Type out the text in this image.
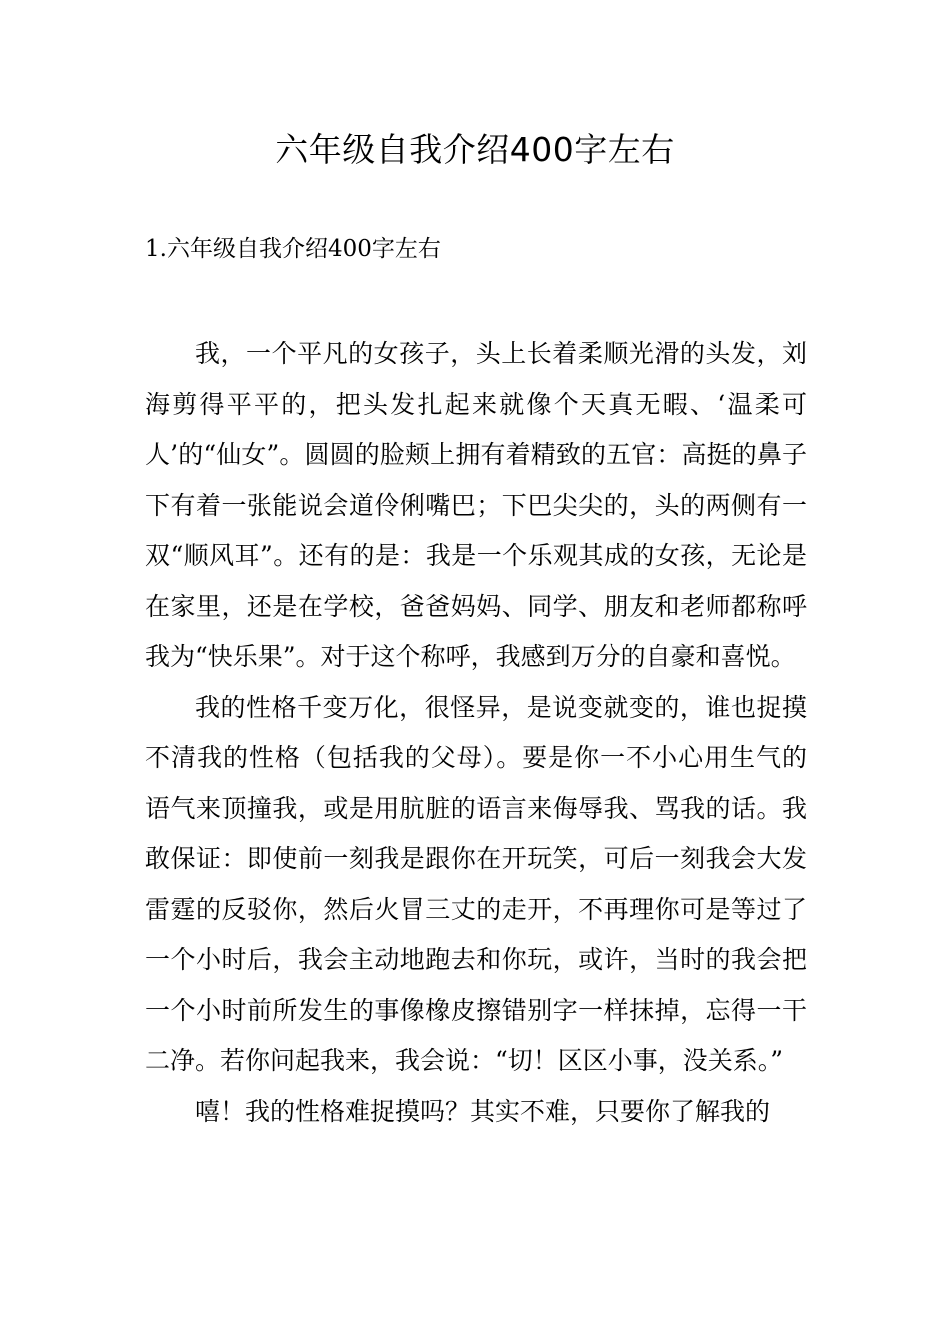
六年级自我介绍400字左右
1.六年级自我介绍400字左右

我，一个平凡的女孩子，头上长着柔顺光滑的头发，刘海剪得平平的，把头发扎起来就像个天真无暇、‘温柔可人’的“仙女”。圆圆的脸颊上拥有着精致的五官：高挺的鼻子下有着一张能说会道伶俐嘴巴；下巴尖尖的，头的两侧有一双“顺风耳”。还有的是：我是一个乐观其成的女孩，无论是在家里，还是在学校，爸爸妈妈、同学、朋友和老师都称呼我为“快乐果”。对于这个称呼，我感到万分的自豪和喜悦。

我的性格千变万化，很怪异，是说变就变的，谁也捉摸不清我的性格（包括我的父母）。要是你一不小心用生气的语气来顶撞我，或是用肮脏的语言来侮辱我、骂我的话。我敢保证：即使前一刻我是跟你在开玩笑，可后一刻我会大发雷霆的反驳你，然后火冒三丈的走开，不再理你可是等过了一个小时后，我会主动地跑去和你玩，或许，当时的我会把一个小时前所发生的事像橡皮擦错别字一样抹掉，忘得一干二净。若你问起我来，我会说：“切！区区小事，没关系。”

嘻！我的性格难捉摸吗？其实不难，只要你了解我的
